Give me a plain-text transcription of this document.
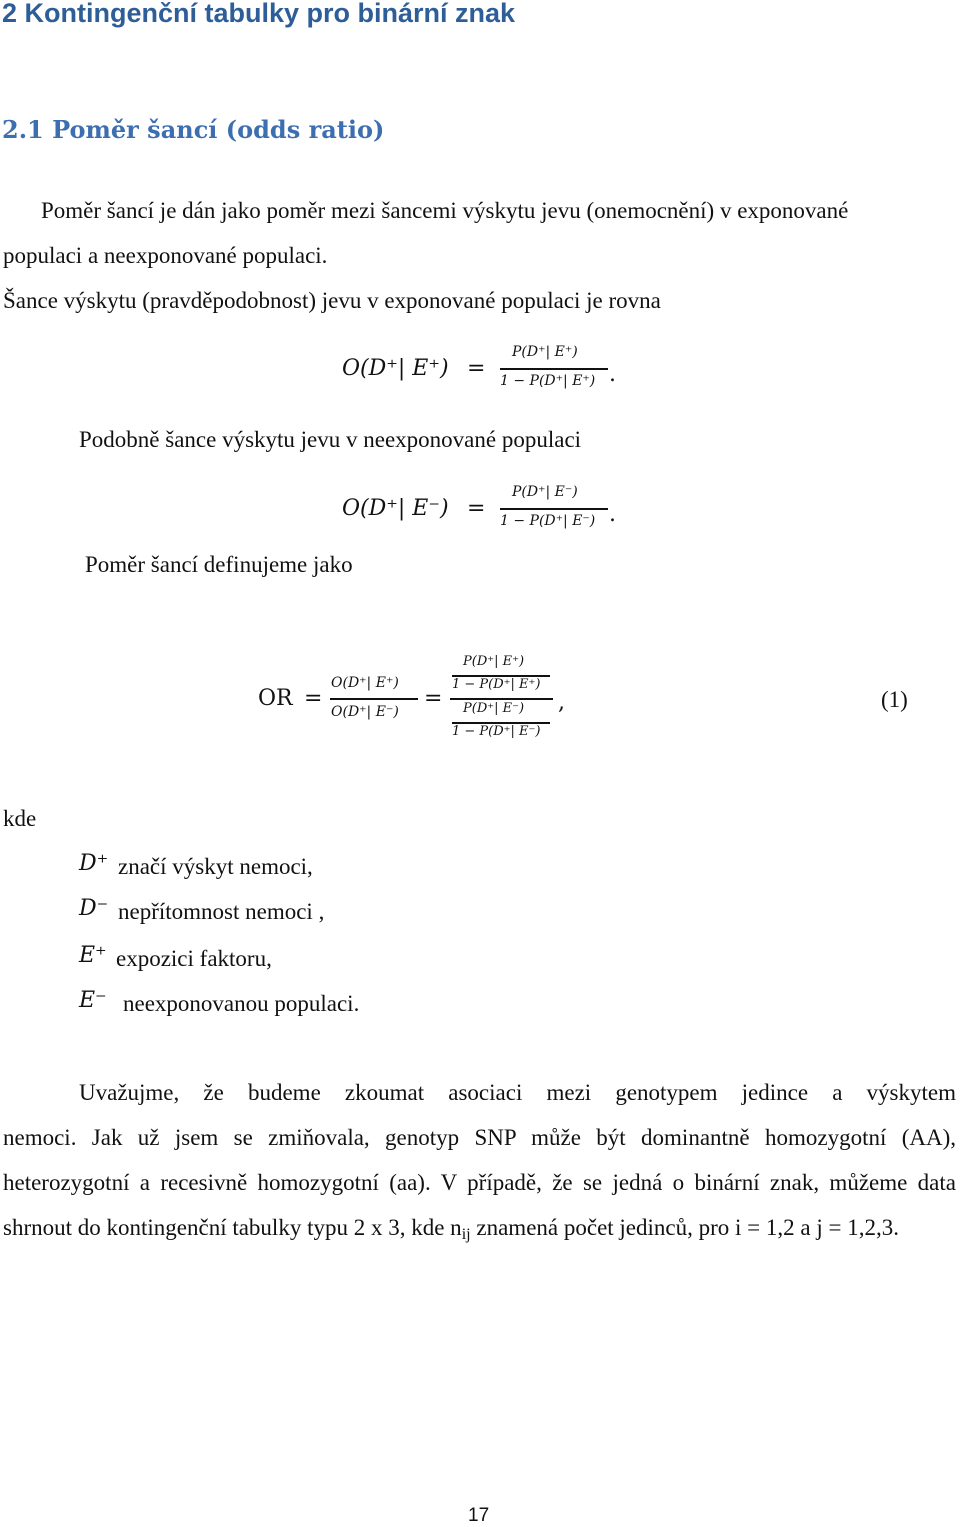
2 Kontingenční tabulky pro binární znak
2.1 Poměr šancí (odds ratio)
Poměr šancí je dán jako poměr mezi šancemi výskytu jevu (onemocnění) v exponované
populaci a neexponované populaci.
Šance výskytu (pravděpodobnost) jevu v exponované populaci je rovna
O(D⁺| E⁺) =
P(D⁺| E⁺)
1 − P(D⁺| E⁺) .
Podobně šance výskytu jevu v neexponované populaci
O(D⁺| E⁻) =
P(D⁺| E⁻)
1 − P(D⁺| E⁻) .
Poměr šancí definujeme jako
OR =
O(D⁺| E⁺)
O(D⁺| E⁻)
=
P(D⁺| E⁺)
1 − P(D⁺| E⁺)
P(D⁺| E⁻)
1 − P(D⁺| E⁻)
,	(1)
kde
D⁺ značí výskyt nemoci,
D⁻ nepřítomnost nemoci ,
E⁺ expozici faktoru,
E⁻ neexponovanou populaci.
Uvažujme, že budeme zkoumat asociaci mezi genotypem jedince a výskytem
nemoci. Jak už jsem se zmiňovala, genotyp SNP může být dominantně homozygotní (AA), heterozygotní a recesivně homozygotní (aa). V případě, že se jedná o binární znak, můžeme data shrnout do kontingenční tabulky typu 2 x 3, kde $n_{ij}$ znamená počet jedinců, pro i = 1,2 a j = 1,2,3.
17
